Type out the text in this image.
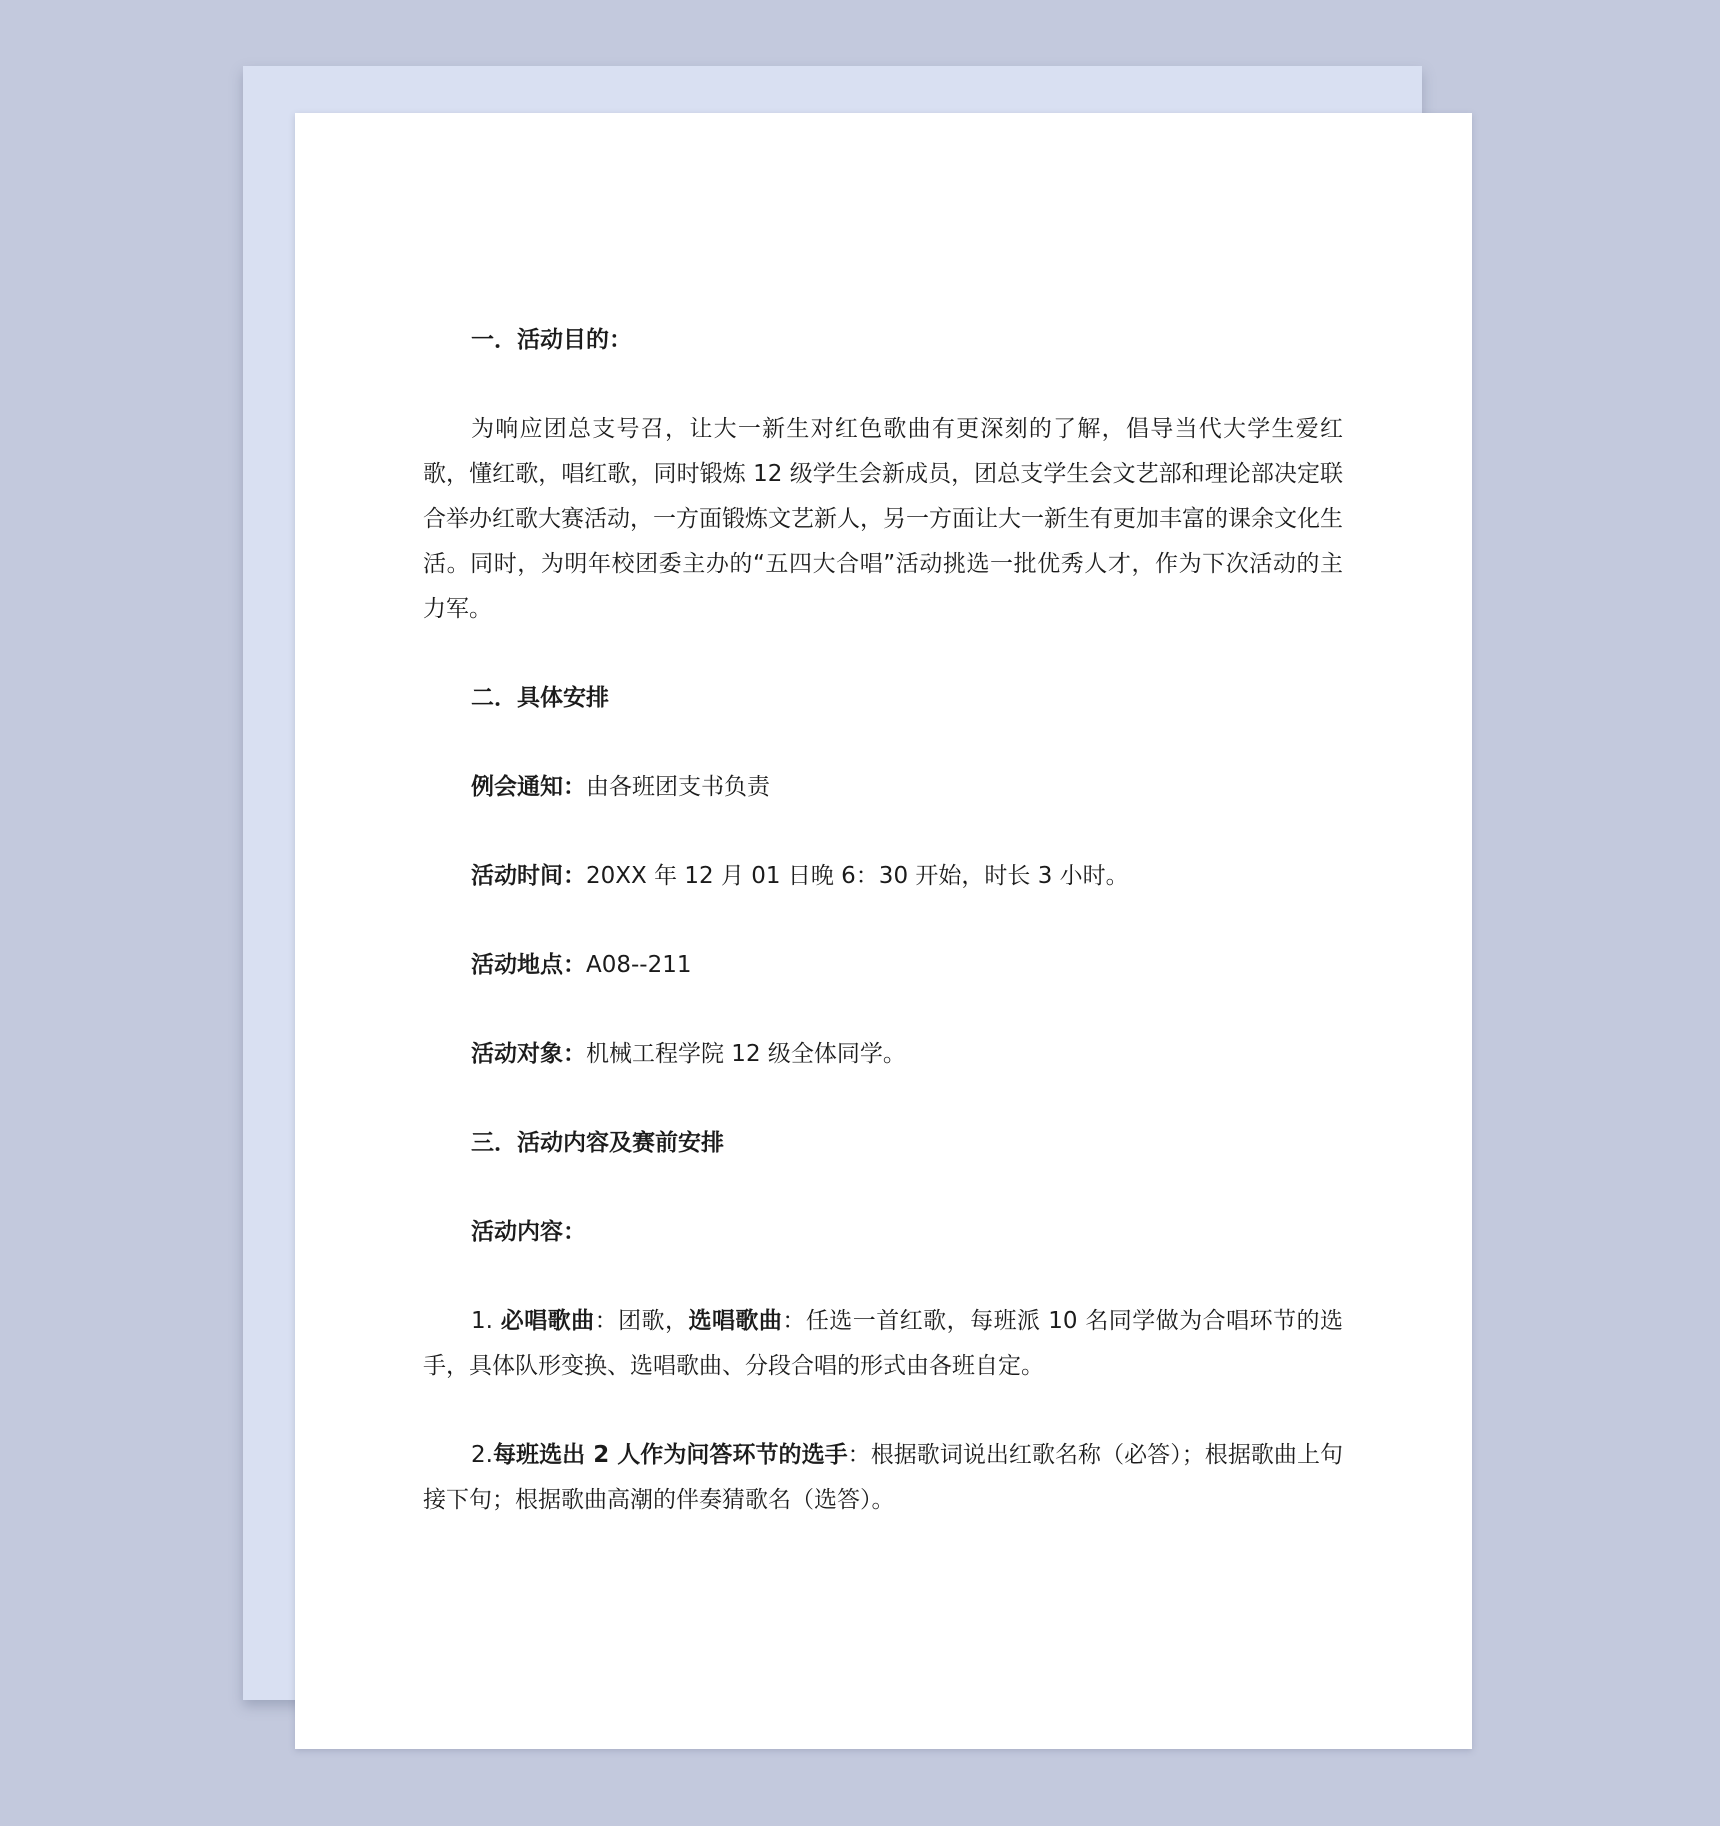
一．活动目的：

为响应团总支号召，让大一新生对红色歌曲有更深刻的了解，倡导当代大学生爱红歌，懂红歌，唱红歌，同时锻炼 12 级学生会新成员，团总支学生会文艺部和理论部决定联合举办红歌大赛活动，一方面锻炼文艺新人，另一方面让大一新生有更加丰富的课余文化生活。同时，为明年校团委主办的“五四大合唱”活动挑选一批优秀人才，作为下次活动的主力军。

二．具体安排

例会通知：由各班团支书负责

活动时间：20XX 年 12 月 01 日晚 6：30 开始，时长 3 小时。

活动地点：A08--211

活动对象：机械工程学院 12 级全体同学。

三．活动内容及赛前安排

活动内容：

1. 必唱歌曲：团歌，选唱歌曲：任选一首红歌，每班派 10 名同学做为合唱环节的选手，具体队形变换、选唱歌曲、分段合唱的形式由各班自定。

2.每班选出 2 人作为问答环节的选手：根据歌词说出红歌名称（必答）；根据歌曲上句接下句；根据歌曲高潮的伴奏猜歌名（选答）。
